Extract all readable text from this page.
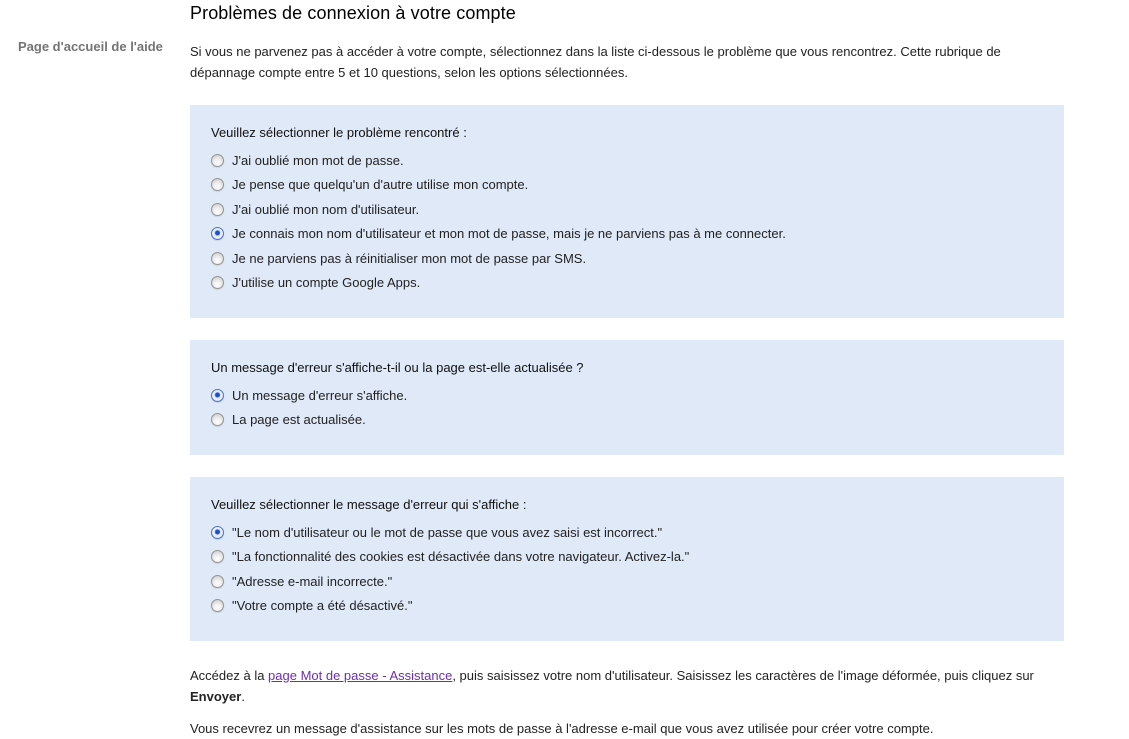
Page d'accueil de l'aide
Problèmes de connexion à votre compte

Si vous ne parvenez pas à accéder à votre compte, sélectionnez dans la liste ci-dessous le problème que vous rencontrez. Cette rubrique de dépannage compte entre 5 et 10 questions, selon les options sélectionnées.

Veuillez sélectionner le problème rencontré :
J'ai oublié mon mot de passe.
Je pense que quelqu'un d'autre utilise mon compte.
J'ai oublié mon nom d'utilisateur.
Je connais mon nom d'utilisateur et mon mot de passe, mais je ne parviens pas à me connecter.
Je ne parviens pas à réinitialiser mon mot de passe par SMS.
J'utilise un compte Google Apps.
Un message d'erreur s'affiche-t-il ou la page est-elle actualisée ?
Un message d'erreur s'affiche.
La page est actualisée.
Veuillez sélectionner le message d'erreur qui s'affiche :
"Le nom d'utilisateur ou le mot de passe que vous avez saisi est incorrect."
"La fonctionnalité des cookies est désactivée dans votre navigateur. Activez-la."
"Adresse e-mail incorrecte."
"Votre compte a été désactivé."

Accédez à la page Mot de passe - Assistance, puis saisissez votre nom d'utilisateur. Saisissez les caractères de l'image déformée, puis cliquez sur Envoyer.

Vous recevrez un message d'assistance sur les mots de passe à l'adresse e-mail que vous avez utilisée pour créer votre compte.
